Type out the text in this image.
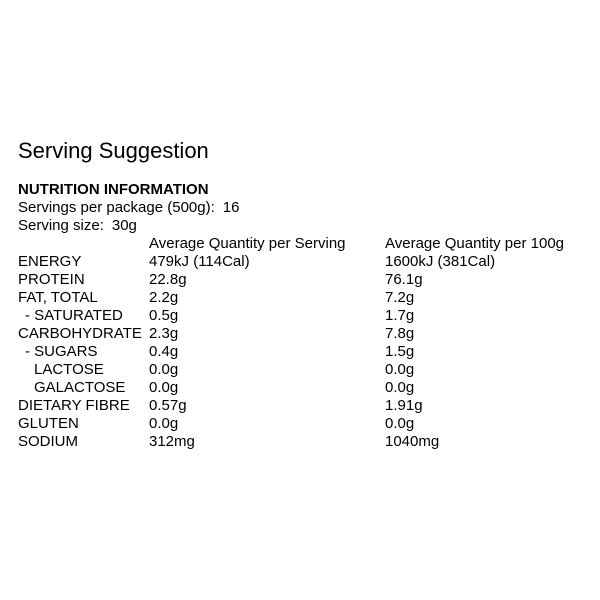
Serving Suggestion
NUTRITION INFORMATION
Servings per package (500g): 16
Serving size: 30g
	Average Quantity per Serving	Average Quantity per 100g
ENERGY	479kJ (114Cal)	1600kJ (381Cal)
PROTEIN	22.8g	76.1g
FAT, TOTAL	2.2g	7.2g
- SATURATED	0.5g	1.7g
CARBOHYDRATE	2.3g	7.8g
- SUGARS	0.4g	1.5g
LACTOSE	0.0g	0.0g
GALACTOSE	0.0g	0.0g
DIETARY FIBRE	0.57g	1.91g
GLUTEN	0.0g	0.0g
SODIUM	312mg	1040mg
